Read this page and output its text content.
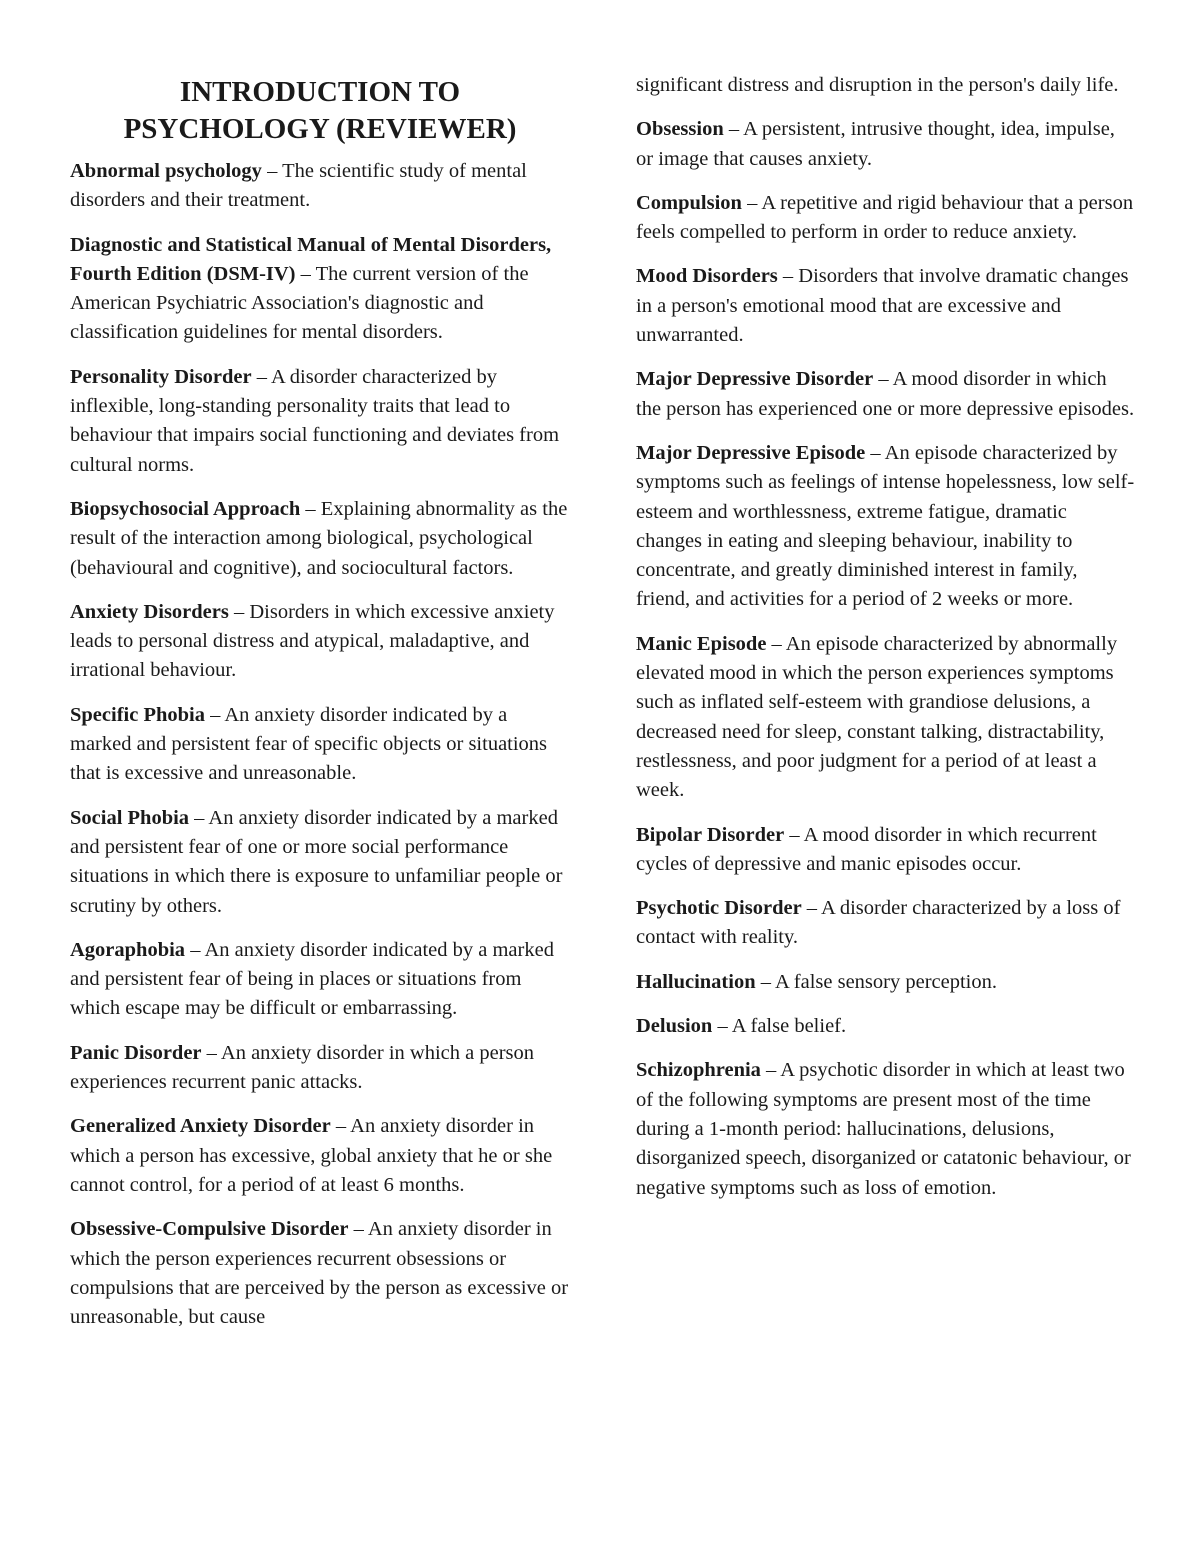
INTRODUCTION TO
PSYCHOLOGY (REVIEWER)
Abnormal psychology – The scientific study of mental disorders and their treatment.
Diagnostic and Statistical Manual of Mental Disorders, Fourth Edition (DSM-IV) – The current version of the American Psychiatric Association's diagnostic and classification guidelines for mental disorders.
Personality Disorder – A disorder characterized by inflexible, long-standing personality traits that lead to behaviour that impairs social functioning and deviates from cultural norms.
Biopsychosocial Approach – Explaining abnormality as the result of the interaction among biological, psychological (behavioural and cognitive), and sociocultural factors.
Anxiety Disorders – Disorders in which excessive anxiety leads to personal distress and atypical, maladaptive, and irrational behaviour.
Specific Phobia – An anxiety disorder indicated by a marked and persistent fear of specific objects or situations that is excessive and unreasonable.
Social Phobia – An anxiety disorder indicated by a marked and persistent fear of one or more social performance situations in which there is exposure to unfamiliar people or scrutiny by others.
Agoraphobia – An anxiety disorder indicated by a marked and persistent fear of being in places or situations from which escape may be difficult or embarrassing.
Panic Disorder – An anxiety disorder in which a person experiences recurrent panic attacks.
Generalized Anxiety Disorder – An anxiety disorder in which a person has excessive, global anxiety that he or she cannot control, for a period of at least 6 months.
Obsessive-Compulsive Disorder – An anxiety disorder in which the person experiences recurrent obsessions or compulsions that are perceived by the person as excessive or unreasonable, but cause
significant distress and disruption in the person's daily life.
Obsession – A persistent, intrusive thought, idea, impulse, or image that causes anxiety.
Compulsion – A repetitive and rigid behaviour that a person feels compelled to perform in order to reduce anxiety.
Mood Disorders – Disorders that involve dramatic changes in a person's emotional mood that are excessive and unwarranted.
Major Depressive Disorder – A mood disorder in which the person has experienced one or more depressive episodes.
Major Depressive Episode – An episode characterized by symptoms such as feelings of intense hopelessness, low self-esteem and worthlessness, extreme fatigue, dramatic changes in eating and sleeping behaviour, inability to concentrate, and greatly diminished interest in family, friend, and activities for a period of 2 weeks or more.
Manic Episode – An episode characterized by abnormally elevated mood in which the person experiences symptoms such as inflated self-esteem with grandiose delusions, a decreased need for sleep, constant talking, distractability, restlessness, and poor judgment for a period of at least a week.
Bipolar Disorder – A mood disorder in which recurrent cycles of depressive and manic episodes occur.
Psychotic Disorder – A disorder characterized by a loss of contact with reality.
Hallucination – A false sensory perception.
Delusion – A false belief.
Schizophrenia – A psychotic disorder in which at least two of the following symptoms are present most of the time during a 1-month period: hallucinations, delusions, disorganized speech, disorganized or catatonic behaviour, or negative symptoms such as loss of emotion.
